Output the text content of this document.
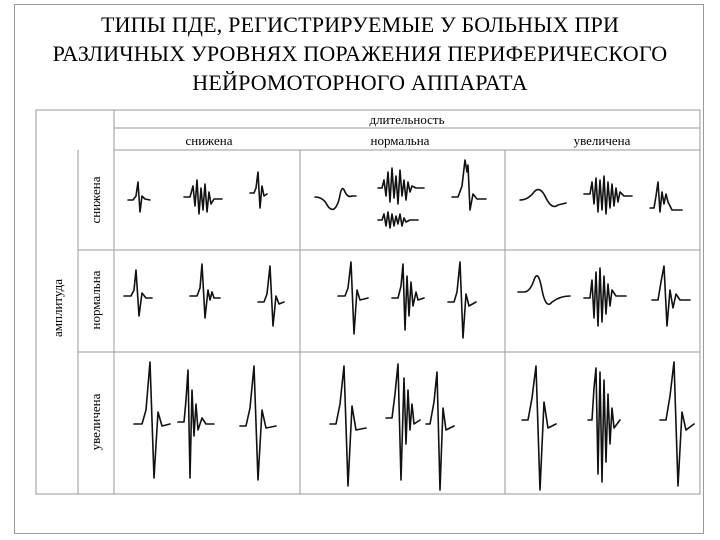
ТИПЫ ПДЕ, РЕГИСТРИРУЕМЫЕ У БОЛЬНЫХ ПРИ
РАЗЛИЧНЫХ УРОВНЯХ ПОРАЖЕНИЯ ПЕРИФЕРИЧЕСКОГО
НЕЙРОМОТОРНОГО АППАРАТА
длительность
снижена	нормальна	увеличена
амплитуда
снижена
нормальна
увеличена
